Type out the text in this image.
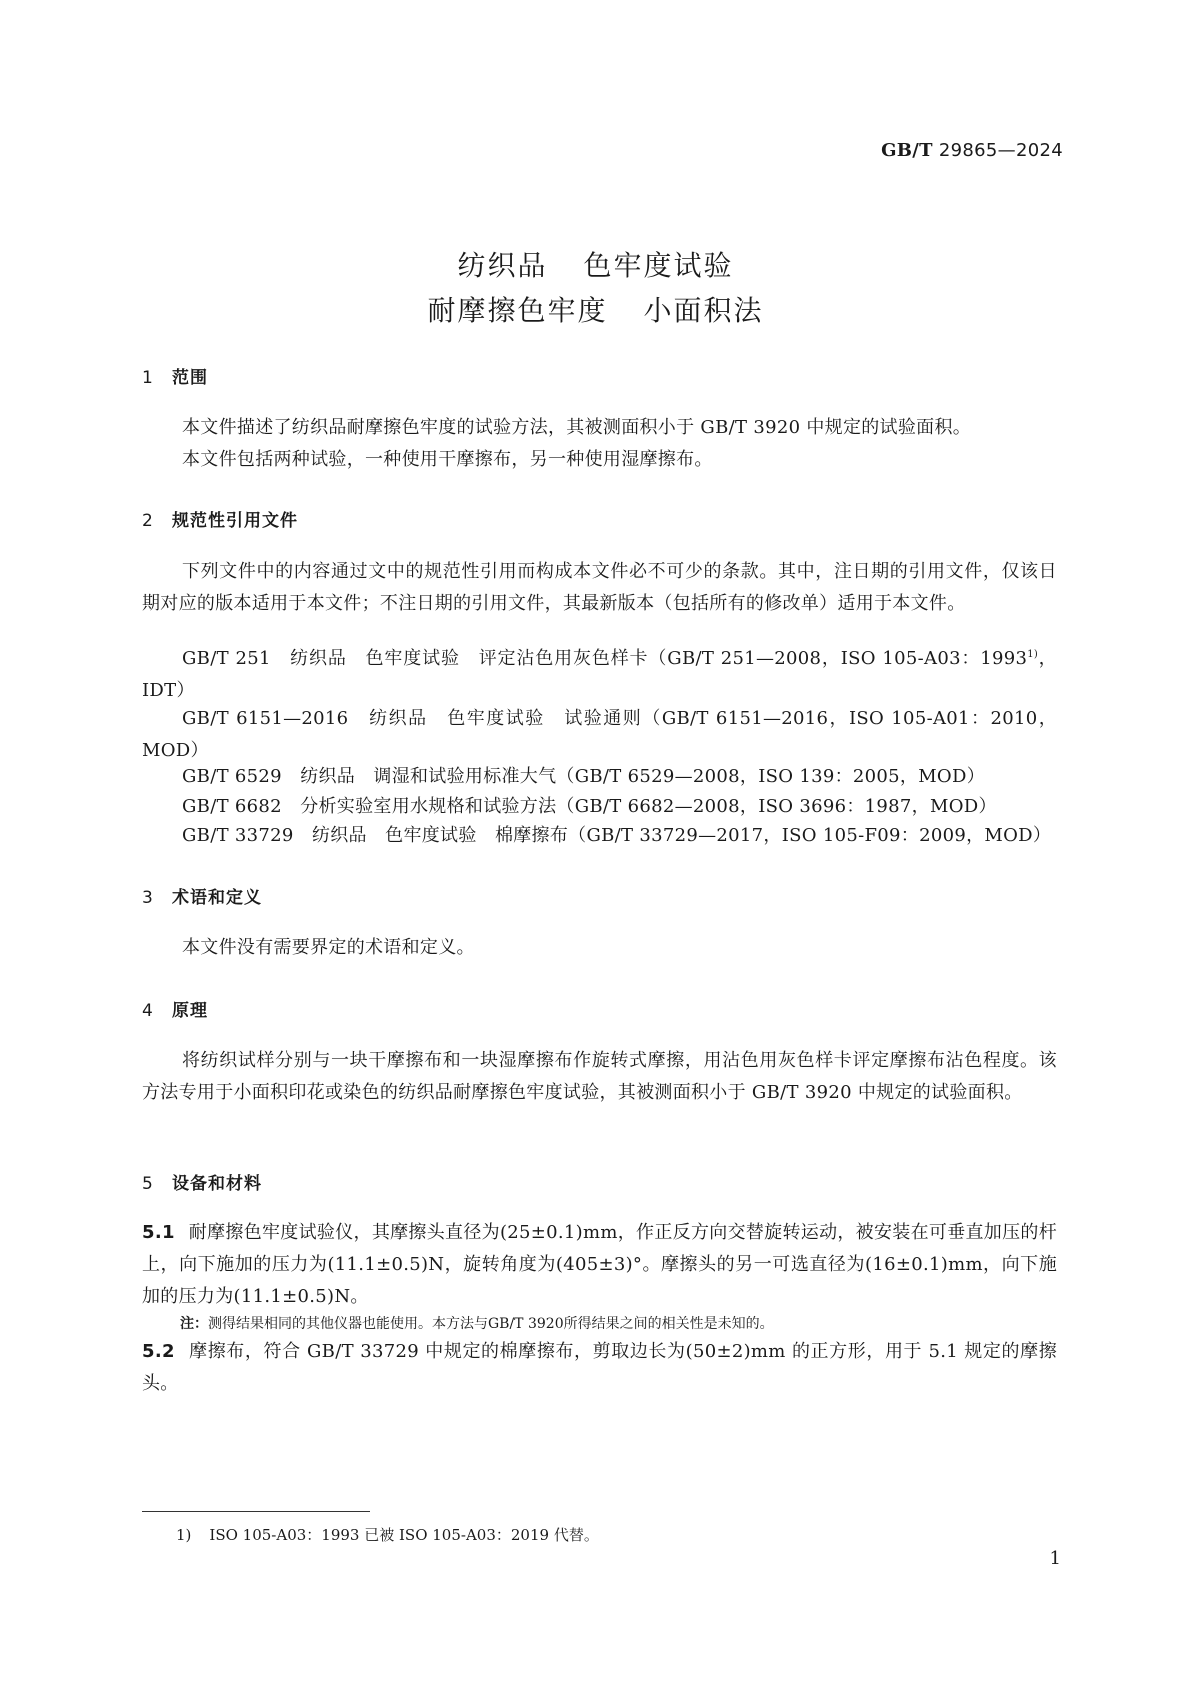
GB/T 29865—2024
纺织品 色牢度试验
耐摩擦色牢度 小面积法
1 范围
本文件描述了纺织品耐摩擦色牢度的试验方法，其被测面积小于 GB/T 3920 中规定的试验面积。
本文件包括两种试验，一种使用干摩擦布，另一种使用湿摩擦布。
2 规范性引用文件
下列文件中的内容通过文中的规范性引用而构成本文件必不可少的条款。其中，注日期的引用文件，仅该日期对应的版本适用于本文件；不注日期的引用文件，其最新版本（包括所有的修改单）适用于本文件。
GB/T 251　纺织品　色牢度试验　评定沾色用灰色样卡（GB/T 251—2008，ISO 105-A03：1993$^{1)}$，IDT）
GB/T 6151—2016　纺织品　色牢度试验　试验通则（GB/T 6151—2016，ISO 105-A01：2010，MOD）
GB/T 6529　纺织品　调湿和试验用标准大气（GB/T 6529—2008，ISO 139：2005，MOD）
GB/T 6682　分析实验室用水规格和试验方法（GB/T 6682—2008，ISO 3696：1987，MOD）
GB/T 33729　纺织品　色牢度试验　棉摩擦布（GB/T 33729—2017，ISO 105-F09：2009，MOD）
3 术语和定义
本文件没有需要界定的术语和定义。
4 原理
将纺织试样分别与一块干摩擦布和一块湿摩擦布作旋转式摩擦，用沾色用灰色样卡评定摩擦布沾色程度。该方法专用于小面积印花或染色的纺织品耐摩擦色牢度试验，其被测面积小于 GB/T 3920 中规定的试验面积。
5 设备和材料
5.1 耐摩擦色牢度试验仪，其摩擦头直径为(25±0.1)mm，作正反方向交替旋转运动，被安装在可垂直加压的杆上，向下施加的压力为(11.1±0.5)N，旋转角度为(405±3)°。摩擦头的另一可选直径为(16±0.1)mm，向下施加的压力为(11.1±0.5)N。
注：测得结果相同的其他仪器也能使用。本方法与GB/T 3920所得结果之间的相关性是未知的。
5.2 摩擦布，符合 GB/T 33729 中规定的棉摩擦布，剪取边长为(50±2)mm 的正方形，用于 5.1 规定的摩擦头。
1) ISO 105-A03：1993 已被 ISO 105-A03：2019 代替。
1
